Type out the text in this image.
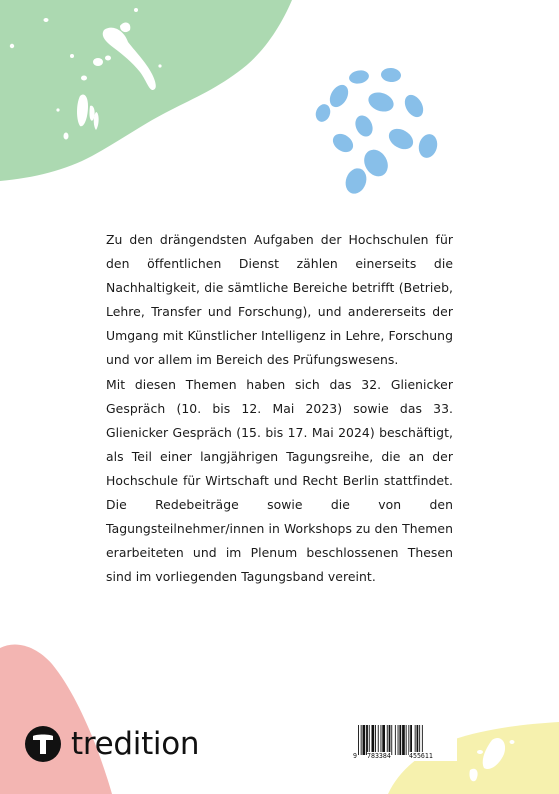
Zu den drängendsten Aufgaben der Hochschulen für den öffentlichen Dienst zählen einerseits die Nachhaltigkeit, die sämtliche Bereiche betrifft (Betrieb, Lehre, Transfer und Forschung), und andererseits der Umgang mit Künstlicher Intelligenz in Lehre, Forschung und vor allem im Bereich des Prüfungswesens.

Mit diesen Themen haben sich das 32. Glienicker Gespräch (10. bis 12. Mai 2023) sowie das 33. Glienicker Gespräch (15. bis 17. Mai 2024) beschäftigt, als Teil einer langjährigen Tagungsreihe, die an der Hochschule für Wirtschaft und Recht Berlin stattfindet. Die Redebeiträge sowie die von den Tagungsteilnehmer/innen in Workshops zu den Themen erarbeiteten und im Plenum beschlossenen Thesen sind im vorliegenden Tagungsband vereint.

tredition	9 783384	455611
